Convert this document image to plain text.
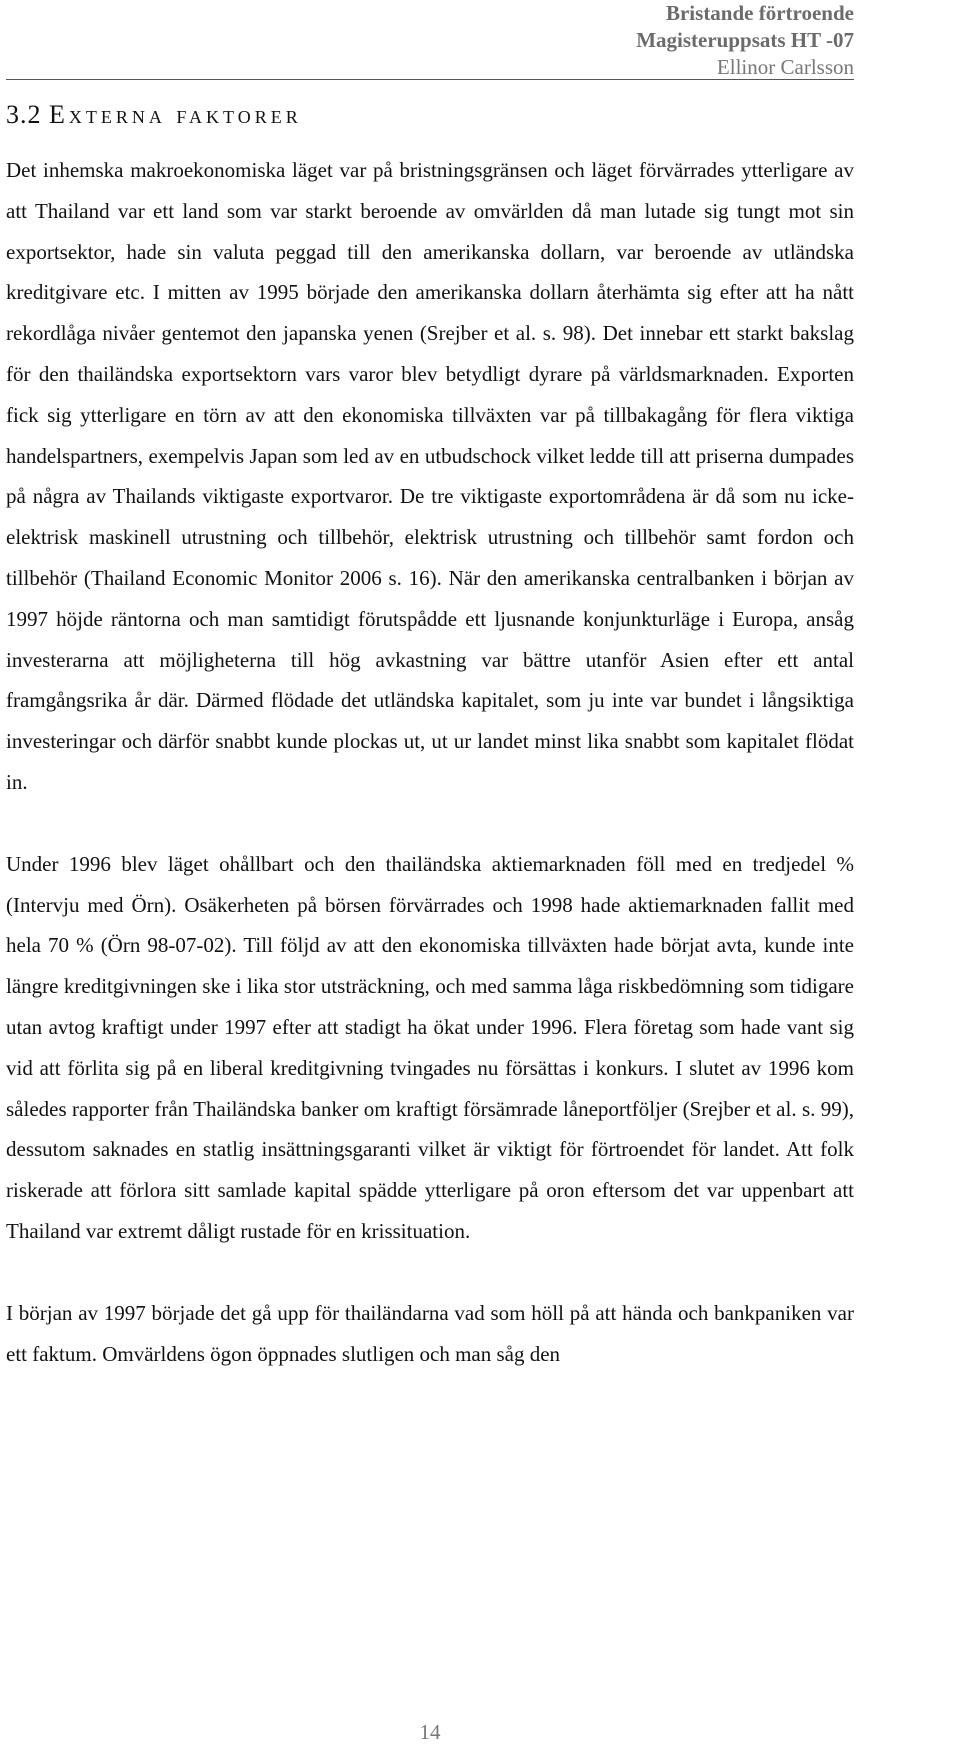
Bristande förtroende
Magisteruppsats HT -07
Ellinor Carlsson
3.2 Externa faktorer

Det inhemska makroekonomiska läget var på bristningsgränsen och läget förvärrades ytterligare av att Thailand var ett land som var starkt beroende av omvärlden då man lutade sig tungt mot sin exportsektor, hade sin valuta peggad till den amerikanska dollarn, var beroende av utländska kreditgivare etc. I mitten av 1995 började den amerikanska dollarn återhämta sig efter att ha nått rekordlåga nivåer gentemot den japanska yenen (Srejber et al. s. 98). Det innebar ett starkt bakslag för den thailändska exportsektorn vars varor blev betydligt dyrare på världsmarknaden. Exporten fick sig ytterligare en törn av att den ekonomiska tillväxten var på tillbakagång för flera viktiga handelspartners, exempelvis Japan som led av en utbudschock vilket ledde till att priserna dumpades på några av Thailands viktigaste exportvaror. De tre viktigaste exportområdena är då som nu icke-elektrisk maskinell utrustning och tillbehör, elektrisk utrustning och tillbehör samt fordon och tillbehör (Thailand Economic Monitor 2006 s. 16). När den amerikanska centralbanken i början av 1997 höjde räntorna och man samtidigt förutspådde ett ljusnande konjunkturläge i Europa, ansåg investerarna att möjligheterna till hög avkastning var bättre utanför Asien efter ett antal framgångsrika år där. Därmed flödade det utländska kapitalet, som ju inte var bundet i långsiktiga investeringar och därför snabbt kunde plockas ut, ut ur landet minst lika snabbt som kapitalet flödat in.

Under 1996 blev läget ohållbart och den thailändska aktiemarknaden föll med en tredjedel % (Intervju med Örn). Osäkerheten på börsen förvärrades och 1998 hade aktiemarknaden fallit med hela 70 % (Örn 98-07-02). Till följd av att den ekonomiska tillväxten hade börjat avta, kunde inte längre kreditgivningen ske i lika stor utsträckning, och med samma låga riskbedömning som tidigare utan avtog kraftigt under 1997 efter att stadigt ha ökat under 1996. Flera företag som hade vant sig vid att förlita sig på en liberal kreditgivning tvingades nu försättas i konkurs. I slutet av 1996 kom således rapporter från Thailändska banker om kraftigt försämrade låneportföljer (Srejber et al. s. 99), dessutom saknades en statlig insättningsgaranti vilket är viktigt för förtroendet för landet. Att folk riskerade att förlora sitt samlade kapital spädde ytterligare på oron eftersom det var uppenbart att Thailand var extremt dåligt rustade för en krissituation.

I början av 1997 började det gå upp för thailändarna vad som höll på att hända och bankpaniken var ett faktum. Omvärldens ögon öppnades slutligen och man såg den

14
